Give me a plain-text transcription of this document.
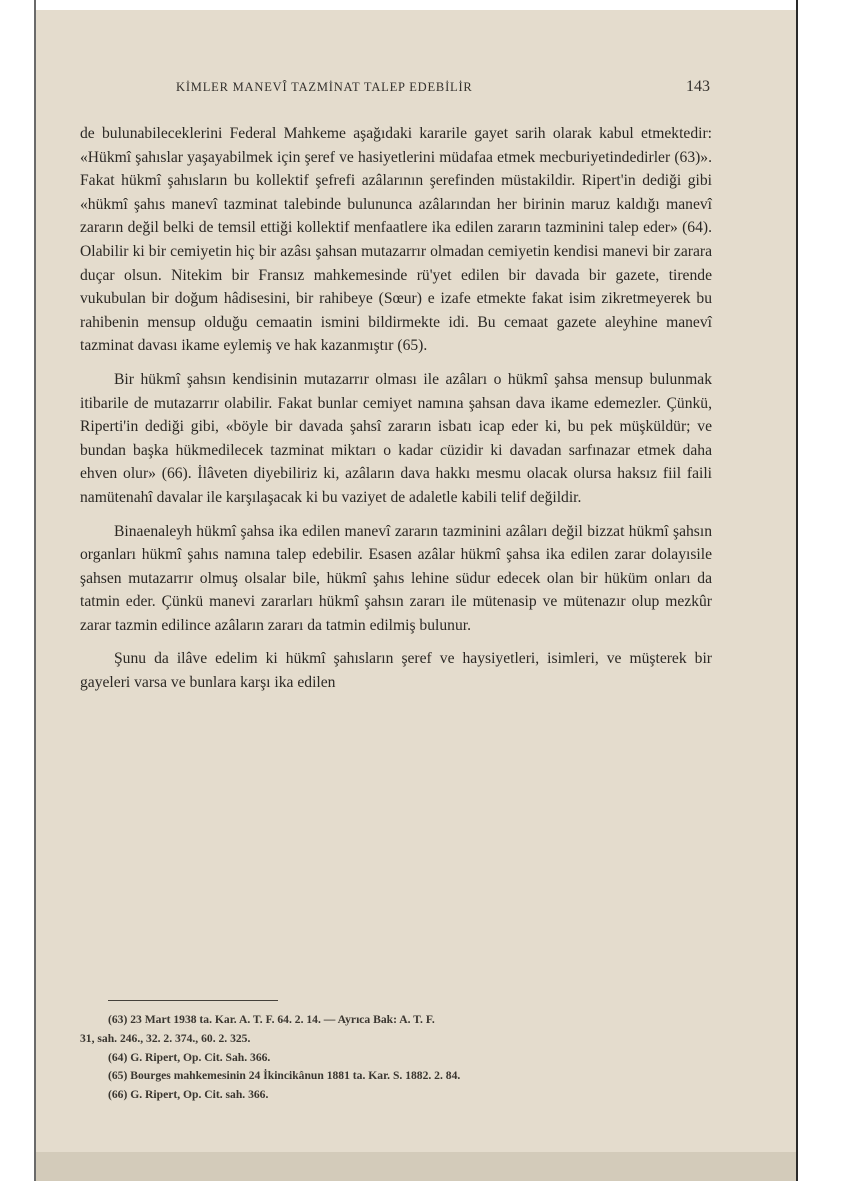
KİMLER MANEVÎ TAZMİNAT TALEP EDEBİLİR	143

de bulunabileceklerini Federal Mahkeme aşağıdaki kararile gayet sarih olarak kabul etmektedir: «Hükmî şahıslar yaşayabilmek için şeref ve hasiyetlerini müdafaa etmek mecburiyetindedirler (63)». Fakat hükmî şahısların bu kollektif şefrefi azâlarının şerefinden müstakildir. Ripert'in dediği gibi «hükmî şahıs manevî tazminat talebinde bulununca azâlarından her birinin maruz kaldığı manevî zararın değil belki de temsil ettiği kollektif menfaatlere ika edilen zararın tazminini talep eder» (64). Olabilir ki bir cemiyetin hiç bir azâsı şahsan mutazarrır olmadan cemiyetin kendisi manevi bir zarara duçar olsun. Nitekim bir Fransız mahkemesinde rü'yet edilen bir davada bir gazete, tirende vukubulan bir doğum hâdisesini, bir rahibeye (Sœur) e izafe etmekte fakat isim zikretmeyerek bu rahibenin mensup olduğu cemaatin ismini bildirmekte idi. Bu cemaat gazete aleyhine manevî tazminat davası ikame eylemiş ve hak kazanmıştır (65).

Bir hükmî şahsın kendisinin mutazarrır olması ile azâları o hükmî şahsa mensup bulunmak itibarile de mutazarrır olabilir. Fakat bunlar cemiyet namına şahsan dava ikame edemezler. Çünkü, Riperti'in dediği gibi, «böyle bir davada şahsî zararın isbatı icap eder ki, bu pek müşküldür; ve bundan başka hükmedilecek tazminat miktarı o kadar cüzidir ki davadan sarfınazar etmek daha ehven olur» (66). İlâveten diyebiliriz ki, azâların dava hakkı mesmu olacak olursa haksız fiil faili namütenahî davalar ile karşılaşacak ki bu vaziyet de adaletle kabili telif değildir.

Binaenaleyh hükmî şahsa ika edilen manevî zararın tazminini azâları değil bizzat hükmî şahsın organları hükmî şahıs namına talep edebilir. Esasen azâlar hükmî şahsa ika edilen zarar dolayısile şahsen mutazarrır olmuş olsalar bile, hükmî şahıs lehine südur edecek olan bir hüküm onları da tatmin eder. Çünkü manevi zararları hükmî şahsın zararı ile mütenasip ve mütenazır olup mezkûr zarar tazmin edilince azâların zararı da tatmin edilmiş bulunur.

Şunu da ilâve edelim ki hükmî şahısların şeref ve haysiyetleri, isimleri, ve müşterek bir gayeleri varsa ve bunlara karşı ika edilen

(63) 23 Mart 1938 ta. Kar. A. T. F. 64. 2. 14. — Ayrıca Bak: A. T. F.
31, sah. 246., 32. 2. 374., 60. 2. 325.
(64) G. Ripert, Op. Cit. Sah. 366.
(65) Bourges mahkemesinin 24 İkincikânun 1881 ta. Kar. S. 1882. 2. 84.
(66) G. Ripert, Op. Cit. sah. 366.
